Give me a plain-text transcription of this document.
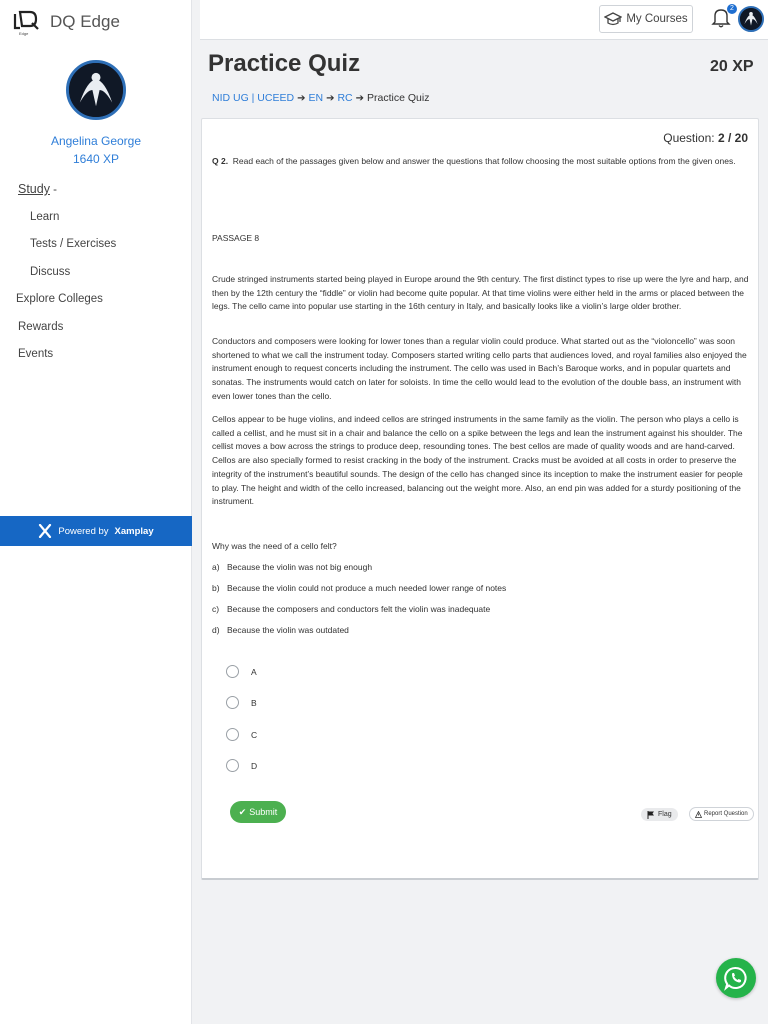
Edge
DQ Edge
Angelina George
1640 XP
Study -
Learn
Tests / Exercises
Discuss
Explore Colleges
Rewards
Events
Powered by Xamplay
My Courses
2
Practice Quiz	20 XP
NID UG | UCEED ➔ EN ➔ RC ➔ Practice Quiz
Question: 2 / 20
Q 2. Read each of the passages given below and answer the questions that follow choosing the most suitable options from the given ones.
PASSAGE 8

Crude stringed instruments started being played in Europe around the 9th century. The first distinct types to rise up were the lyre and harp, and then by the 12th century the “fiddle” or violin had become quite popular. At that time violins were either held in the arms or placed between the legs. The cello came into popular use starting in the 16th century in Italy, and basically looks like a violin’s large older brother.

Conductors and composers were looking for lower tones than a regular violin could produce. What started out as the “violoncello” was soon shortened to what we call the instrument today. Composers started writing cello parts that audiences loved, and royal families also enjoyed the instrument enough to request concerts including the instrument. The cello was used in Bach’s Baroque works, and in popular quartets and sonatas. The instruments would catch on later for soloists. In time the cello would lead to the evolution of the double bass, an instrument with even lower tones than the cello.

Cellos appear to be huge violins, and indeed cellos are stringed instruments in the same family as the violin. The person who plays a cello is called a cellist, and he must sit in a chair and balance the cello on a spike between the legs and lean the instrument against his shoulder. The cellist moves a bow across the strings to produce deep, resounding tones. The best cellos are made of quality woods and are hand-carved. Cellos are also specially formed to resist cracking in the body of the instrument. Cracks must be avoided at all costs in order to preserve the integrity of the instrument’s beautiful sounds. The design of the cello has changed since its inception to make the instrument easier for people to play. The height and width of the cello increased, balancing out the weight more. Also, an end pin was added for a sturdy positioning of the instrument.

Why was the need of a cello felt?
a) Because the violin was not big enough
b) Because the violin could not produce a much needed lower range of notes
c) Because the composers and conductors felt the violin was inadequate
d) Because the violin was outdated
A
B
C
D
✔ Submit	Flag	Report Question
